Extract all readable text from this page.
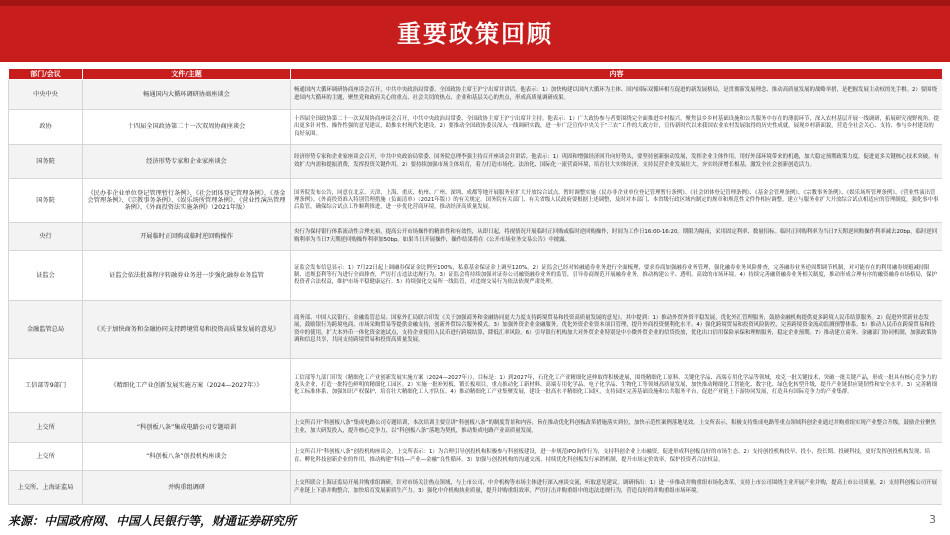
重要政策回顾
部门/会议	文件/主题	内容
中央中央	畅通国内大循环调研协商座谈会	畅通国内大循环调研协商座谈会召开，中共中央政治局常委、全国政协主席王沪宁出席并讲话。他表示：1）加快构建以国内大循环为主体、国内国际双循环相互促进的新发展格局，是贯彻新发展理念、推动高质量发展的战略举措，是把握发展主动权的先手棋。2）要围绕进国内大循环的主题，聚焦党和政府关心的重点、社会关切的热点、企业和基层关心的焦点，形成高质量调研成果。
政协	十四届全国政协第二十一次双周协商座谈会	十四届全国政协第二十一次双周协商座谈会召开，中共中央政治局常委、全国政协主席王沪宁出席并主持。他表示：1）广大政协参与者要围绕完全面推进乡村振兴，聚焦县乡乡村基础设施和公共服务中存在的薄弱环节，深入农村基层开展一线调研，拓展研究视野视角，提出更多针对性、操作性强的意见建议，助推农村现代化建设。2）要推动全国政协委员深入一线调研实践，进一步广泛宣传中央关于“三农”工作的大政方针，宣传新时代以来我国农业农村发展取得的历史性成就，展现乡村新面貌，营造全社会关心、支持、参与乡村建设的良好氛围。
国务院	经济形势专家和企业家座谈会	经济形势专家和企业家座谈会召开，中共中央政治局常委、国务院总理李强主持召开座谈会并讲话。他表示：1）巩固和增强经济回升向好势头，要坚持创新驱动发展，发挥企业主体作用，用好外部环境带来的机遇，加大稳定预期政策力度，促进更多关键核心技术突破，有效扩大内需和提振消费，发挥投资关键作用。2）要持续加强市场主体培育，着力打造市场化、法治化、国际化一流营商环境，培育壮大实体经济，支持民营企业发展壮大，夯实经济增长根基，激发全社会创新创造活力。
国务院	《民办非企业单位登记管理暂行条例》、《社会团体登记管理条例》、《基金会管理条例》、《宗教事务条例》、《娱乐场所管理条例》、《营业性演出管理条例》、《外商投资法实施条例》（2021年版）	国务院发布公告，同意在北京、天津、上海、重庆、杭州、广州、深圳、成都等地开展服务业扩大开放综合试点，暂时调整实施《民办非企业单位登记管理暂行条例》、《社会团体登记管理条例》、《基金会管理条例》、《宗教事务条例》、《娱乐场所管理条例》、《营业性演出管理条例》、《外商投资准入特别管理措施（负面清单）（2021年版）》的有关规定。国务院有关部门、有关省级人民政府要根据上述调整，及时对本部门、本省级行政区域内制定的规章和规范性文件作相应调整，建立与服务业扩大开放综合试点相适应的管理制度，强化事中事后监管，确保综合试点工作顺利推进，进一步优化营商环境，推动经济高质量发展。
央行	开展临时正回购或临时逆回购操作	央行为保持银行体系流动性合理充裕，提高公开市场操作的精准性和有效性，从即日起，将视情况开展临时正回购或临时逆回购操作，时间为工作日16:00-16:20。期限为隔夜，采用固定利率、数量招标。临时正回购利率为当日7天期逆回购操作利率减去20bp，临时逆回购利率为当日7天期逆回购操作利率加50bp。如果当日开展操作，操作结果将在《公开市场业务交易公告》中披露。
证监会	证监会依法批准程序转融券业务进一步强化融券业务监管	证监会发布信息显示：1）7月22日起上调融券保证金比例至100%，私募基金保证金上调至120%。2）证监会已经对转融通券业务进行全面梳理，要求券商加强融券业务管理，强化融券业务风险排查，完善融券业务逆周期调节机制，对可能存在的利用融券规避减持限制、违规套利等行为进行全面排查，严厉打击违法违规行为。3）证监会将持续加强对证券公司融资融券业务的监管，引导券商规范开展融券业务，推动构建公平、透明、高效的市场环境。4）持续完善融资融券业务相关制度，推动形成合理有序的融资融券市场格局，保护投资者合法权益，维护市场平稳健康运行。5）持续强化交易所一线监管，对违规交易行为依法依规严肃处理。
金融监管总局	《关于加快商务和金融协同支持跨境贸易和投资高质量发展的意见》	商务部、中国人民银行、金融监管总局、国家外汇局联合印发《关于加强商务和金融协同更大力度支持跨境贸易和投资高质量发展的意见》，其中提到：1）推动外贸外资平稳发展，优化外汇管理服务，鼓励金融机构提供更多跨境人民币结算服务。2）促进外贸新业态发展，鼓励银行为跨境电商、市场采购贸易等提供金融支持，创新外贸综合服务模式。3）加强外资企业金融服务，优化外资企业资本项目管理，提升外商投资便利化水平。4）强化跨境贸易和投资风险防控，完善跨境资金流动监测预警体系。5）推动人民币在跨境贸易和投资中的使用，扩大本外币一体化资金池试点，支持企业使用人民币进行跨境结算，降低汇率风险。6）引导银行机构加大对外贸企业特别是中小微外贸企业的信贷投放，优化出口信用保险承保和理赔服务，稳定企业预期。7）推动建立商务、金融部门协同机制，加强政策协调和信息共享，共同支持跨境贸易和投资高质量发展。
工信部等9部门	《精细化工产业创新发展实施方案（2024—2027年）》	工信部等九部门印发《精细化工产业创新发展实施方案（2024—2027年）》，目标是：1）到2027年，石化化工产业精细化延伸取得积极进展，围绕精细化工原料、关键化学品、高端专用化学品等领域，攻克一批关键技术，突破一批关键产品，形成一批具有核心竞争力的龙头企业，打造一批特色鲜明的精细化工园区。2）实施一批补短板、锻长板项目，重点推动化工新材料、高端专用化学品、电子化学品、生物化工等领域高质量发展，加快推动精细化工智能化、数字化、绿色化转型升级，提升产业链供应链韧性和安全水平。3）完善精细化工标准体系，加强知识产权保护，培育壮大精细化工人才队伍。4）推动精细化工产业集聚发展，建设一批高水平精细化工园区，支持园区完善基础设施和公共服务平台，促进产业链上下游协同发展，打造具有国际竞争力的产业集群。
上交所	“科创板八条”集成电路公司专题培训	上交所召开“科创板八条”集成电路公司专题培训，本次培训主要宣讲“科创板八条”的制度背景和内容，旨在推动优化科创板改革措施落实到位，加快示范性案例落地见效。上交所表示，积极支持集成电路等重点领域科创企业通过并购重组实现产业整合升级，鼓励企业聚焦主业，加大研发投入，提升核心竞争力，以“科创板八条”落地为契机，推动集成电路产业高质量发展。
上交所	“科创板八条”创投机构座谈会	上交所召开“科创板八条”创投机构座谈会，上交所表示：1）为合理引导创投机构积极参与科创板建设，进一步规范IPO询价行为，支持科创企业上市融资，促进形成科创板良好的市场生态。2）支持创投机构投早、投小、投长期、投硬科技，更好发挥创投机构发现、培育、孵化科技创新企业的作用，推动构建“科技—产业—金融”良性循环。3）加强与创投机构的沟通交流，持续优化科创板发行承销机制，提升市场定价效率，保护投资者合法权益。
上交所、上海证监局	并购重组调研	上交所联合上海证监局开展并购重组调研，针对市场关注热点领域，与上市公司、中介机构等市场主体进行深入座谈交流，听取意见建议。调研指出：1）进一步推动并购重组市场化改革，支持上市公司围绕主业开展产业并购，提高上市公司质量。2）支持科创板公司开展产业链上下游并购整合，加快培育发展新质生产力。3）强化中介机构执业质量，提升并购重组效率，严厉打击并购重组中的违法违规行为，营造良好的并购重组市场环境。
来源：中国政府网、中国人民银行等，财通证券研究所	3
